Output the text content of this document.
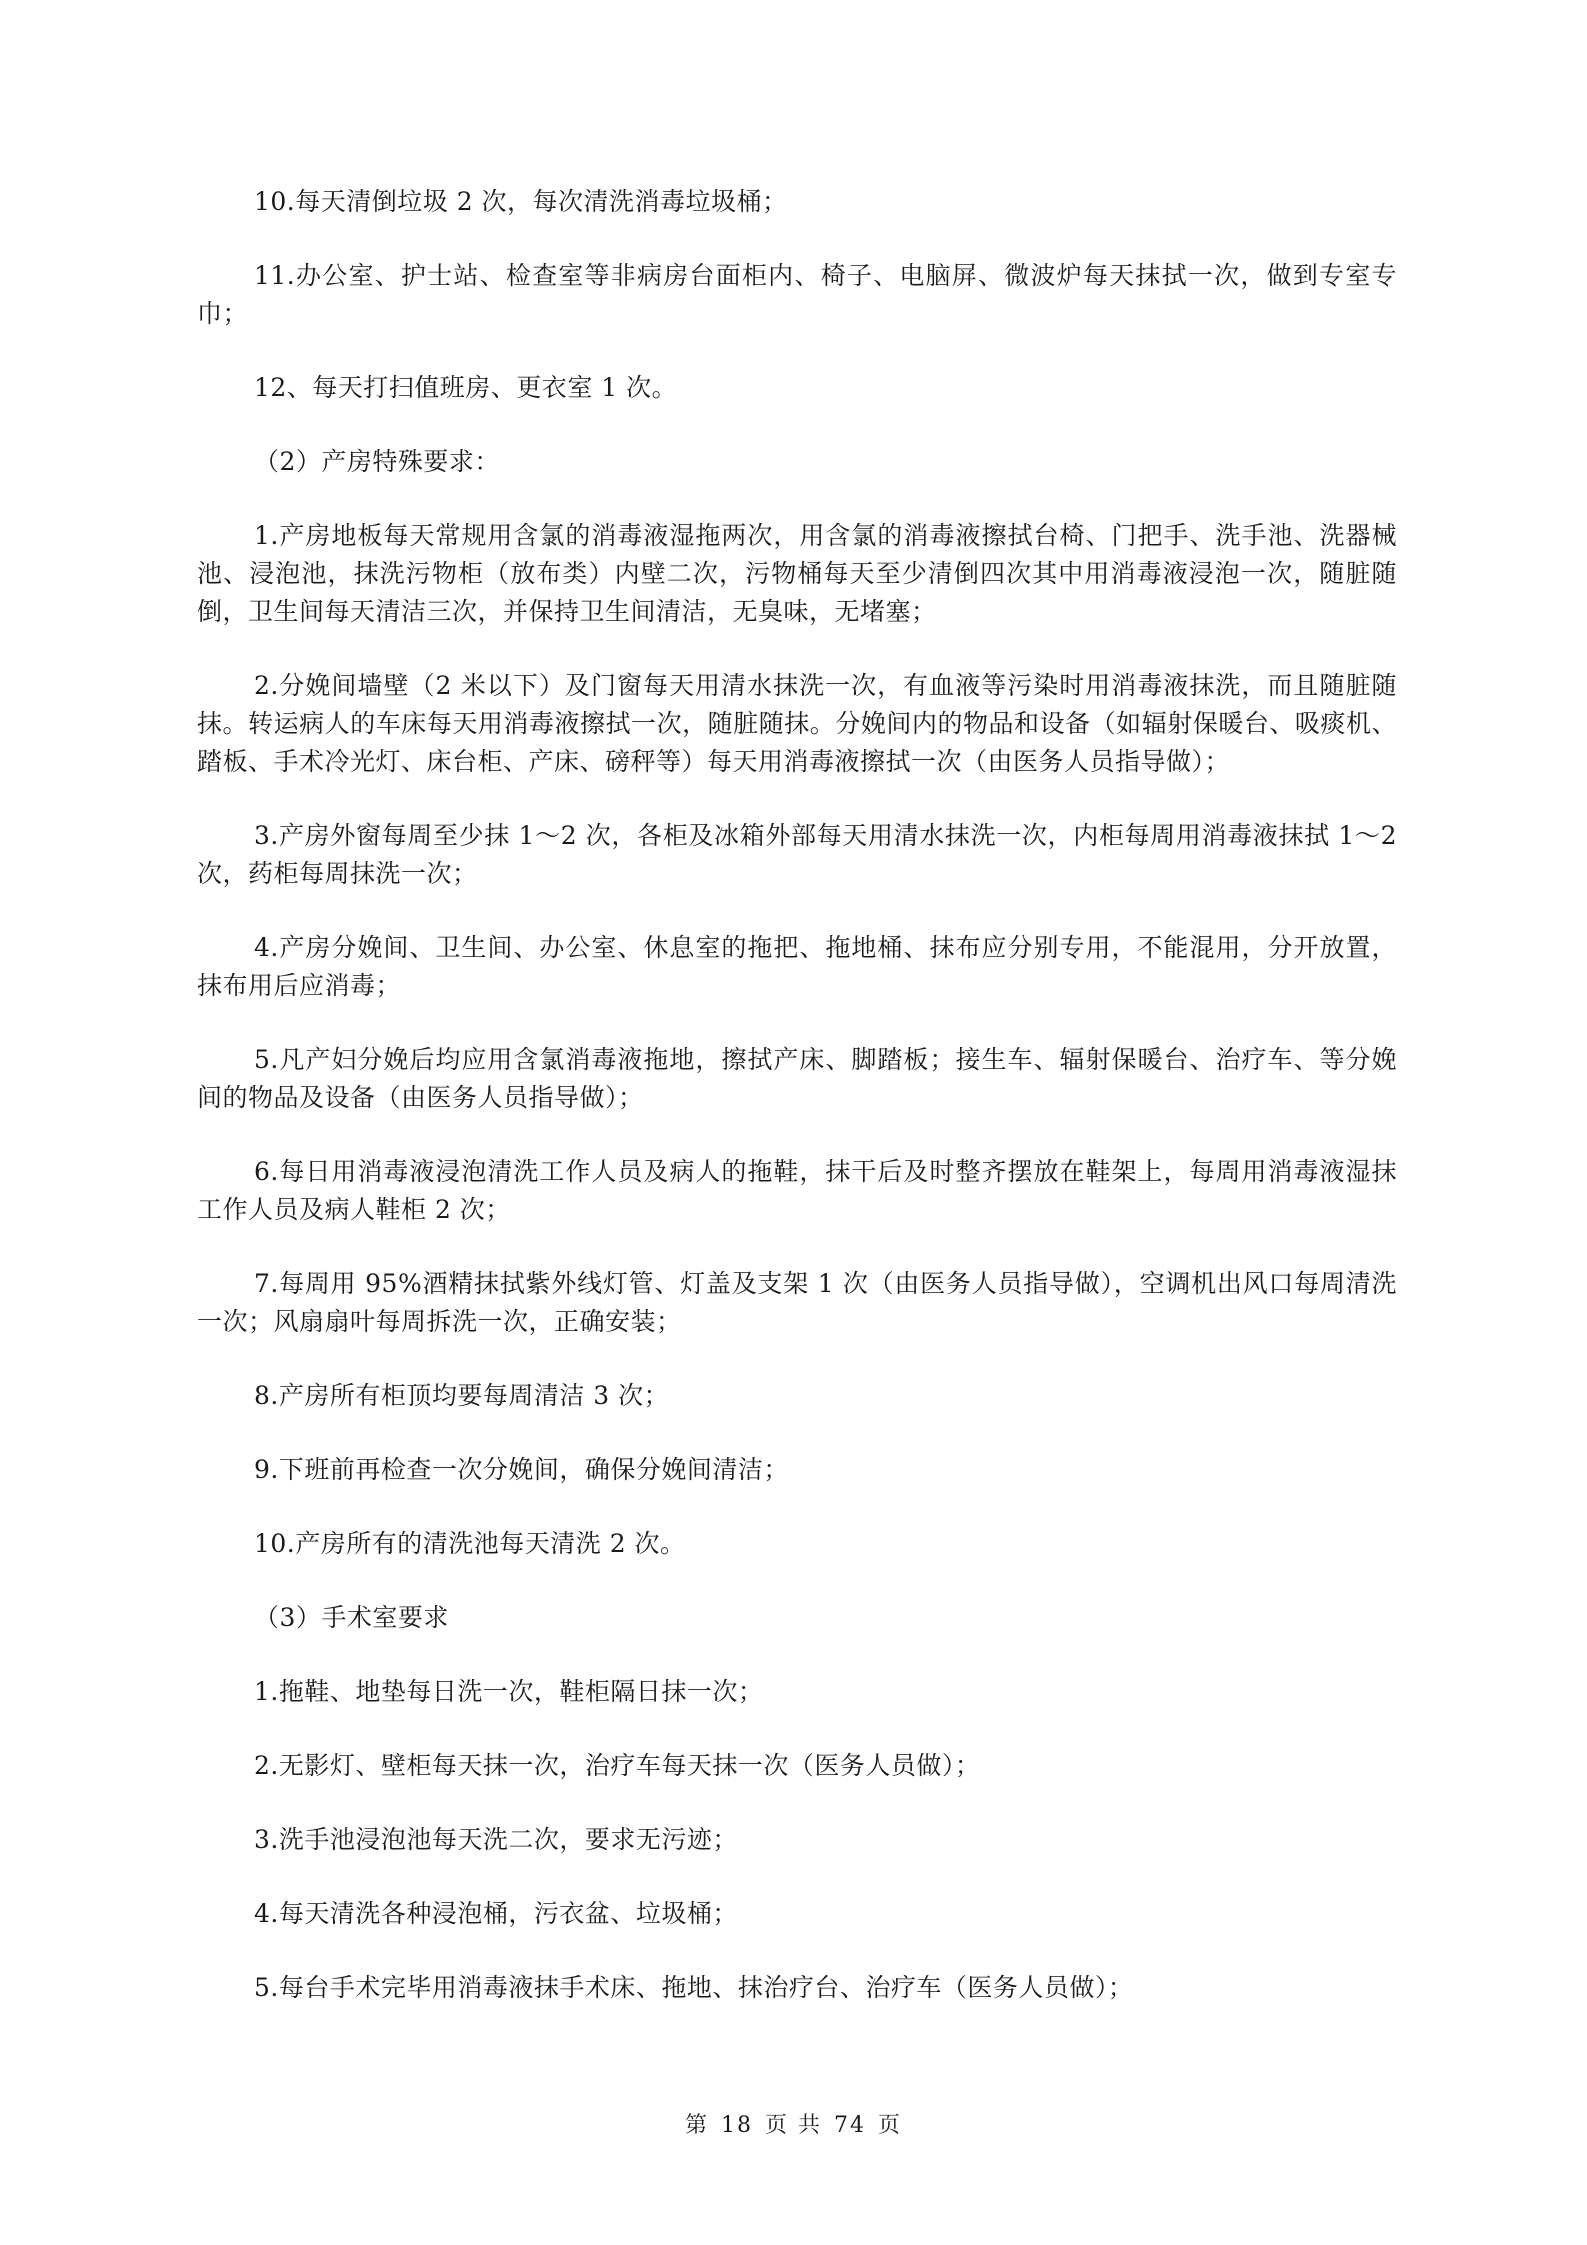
10.每天清倒垃圾 2 次，每次清洗消毒垃圾桶；

11.办公室、护士站、检查室等非病房台面柜内、椅子、电脑屏、微波炉每天抹拭一次，做到专室专巾；

12、每天打扫值班房、更衣室 1 次。

（2）产房特殊要求：

1.产房地板每天常规用含氯的消毒液湿拖两次，用含氯的消毒液擦拭台椅、门把手、洗手池、洗器械池、浸泡池，抹洗污物柜（放布类）内壁二次，污物桶每天至少清倒四次其中用消毒液浸泡一次，随脏随倒，卫生间每天清洁三次，并保持卫生间清洁，无臭味，无堵塞；

2.分娩间墙壁（2 米以下）及门窗每天用清水抹洗一次，有血液等污染时用消毒液抹洗，而且随脏随抹。转运病人的车床每天用消毒液擦拭一次，随脏随抹。分娩间内的物品和设备（如辐射保暖台、吸痰机、踏板、手术冷光灯、床台柜、产床、磅秤等）每天用消毒液擦拭一次（由医务人员指导做）；

3.产房外窗每周至少抹 1～2 次，各柜及冰箱外部每天用清水抹洗一次，内柜每周用消毒液抹拭 1～2 次，药柜每周抹洗一次；

4.产房分娩间、卫生间、办公室、休息室的拖把、拖地桶、抹布应分别专用，不能混用，分开放置，抹布用后应消毒；

5.凡产妇分娩后均应用含氯消毒液拖地，擦拭产床、脚踏板；接生车、辐射保暖台、治疗车、等分娩间的物品及设备（由医务人员指导做）；

6.每日用消毒液浸泡清洗工作人员及病人的拖鞋，抹干后及时整齐摆放在鞋架上，每周用消毒液湿抹工作人员及病人鞋柜 2 次；

7.每周用 95%酒精抹拭紫外线灯管、灯盖及支架 1 次（由医务人员指导做），空调机出风口每周清洗一次；风扇扇叶每周拆洗一次，正确安装；

8.产房所有柜顶均要每周清洁 3 次；

9.下班前再检查一次分娩间，确保分娩间清洁；

10.产房所有的清洗池每天清洗 2 次。

（3）手术室要求

1.拖鞋、地垫每日洗一次，鞋柜隔日抹一次；

2.无影灯、壁柜每天抹一次，治疗车每天抹一次（医务人员做）；

3.洗手池浸泡池每天洗二次，要求无污迹；

4.每天清洗各种浸泡桶，污衣盆、垃圾桶；

5.每台手术完毕用消毒液抹手术床、拖地、抹治疗台、治疗车（医务人员做）；

第 18 页 共 74 页
